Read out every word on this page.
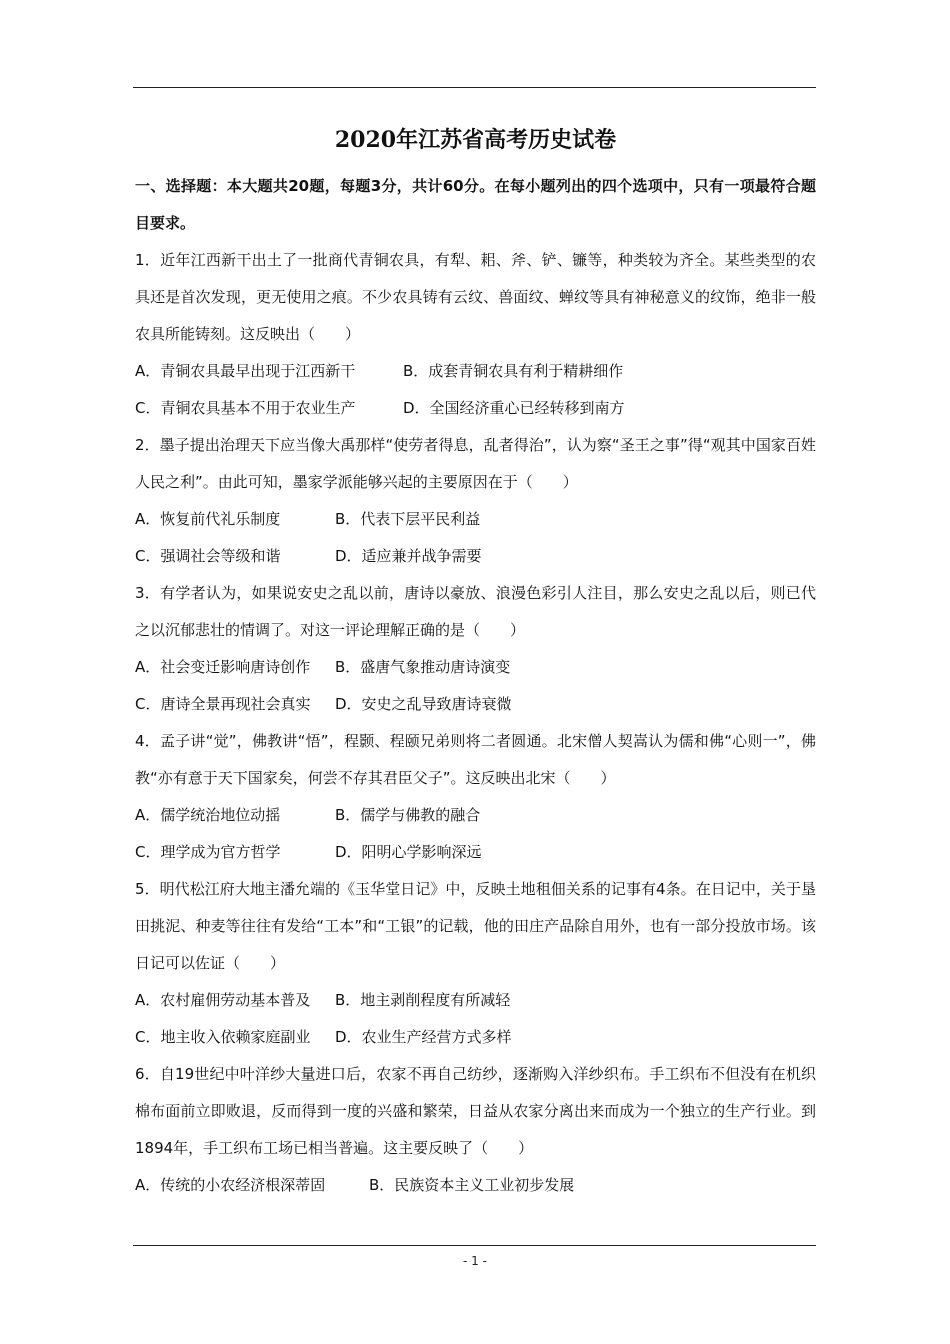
2020年江苏省高考历史试卷

一、选择题：本大题共20题，每题3分，共计60分。在每小题列出的四个选项中，只有一项最符合题目要求。

1．近年江西新干出土了一批商代青铜农具，有犁、耜、斧、铲、镰等，种类较为齐全。某些类型的农具还是首次发现，更无使用之痕。不少农具铸有云纹、兽面纹、蝉纹等具有神秘意义的纹饰，绝非一般农具所能铸刻。这反映出（　　）

A．青铜农具最早出现于江西新干	B．成套青铜农具有利于精耕细作

C．青铜农具基本不用于农业生产	D．全国经济重心已经转移到南方

2．墨子提出治理天下应当像大禹那样“使劳者得息，乱者得治”，认为察“圣王之事”得“观其中国家百姓人民之利”。由此可知，墨家学派能够兴起的主要原因在于（　　）

A．恢复前代礼乐制度	B．代表下层平民利益

C．强调社会等级和谐	D．适应兼并战争需要

3．有学者认为，如果说安史之乱以前，唐诗以豪放、浪漫色彩引人注目，那么安史之乱以后，则已代之以沉郁悲壮的情调了。对这一评论理解正确的是（　　）

A．社会变迁影响唐诗创作 B．盛唐气象推动唐诗演变

C．唐诗全景再现社会真实 D．安史之乱导致唐诗衰微

4．孟子讲“觉”，佛教讲“悟”，程颢、程颐兄弟则将二者圆通。北宋僧人契嵩认为儒和佛“心则一”，佛教“亦有意于天下国家矣，何尝不存其君臣父子”。这反映出北宋（　　）

A．儒学统治地位动摇	B．儒学与佛教的融合

C．理学成为官方哲学	D．阳明心学影响深远

5．明代松江府大地主潘允端的《玉华堂日记》中，反映土地租佃关系的记事有4条。在日记中，关于垦田挑泥、种麦等往往有发给“工本”和“工银”的记载，他的田庄产品除自用外，也有一部分投放市场。该日记可以佐证（　　）

A．农村雇佣劳动基本普及 B．地主剥削程度有所减轻

C．地主收入依赖家庭副业 D．农业生产经营方式多样

6．自19世纪中叶洋纱大量进口后，农家不再自己纺纱，逐渐购入洋纱织布。手工织布不但没有在机织棉布面前立即败退，反而得到一度的兴盛和繁荣，日益从农家分离出来而成为一个独立的生产行业。到1894年，手工织布工场已相当普遍。这主要反映了（　　）

A．传统的小农经济根深蒂固	B．民族资本主义工业初步发展

- 1 -
